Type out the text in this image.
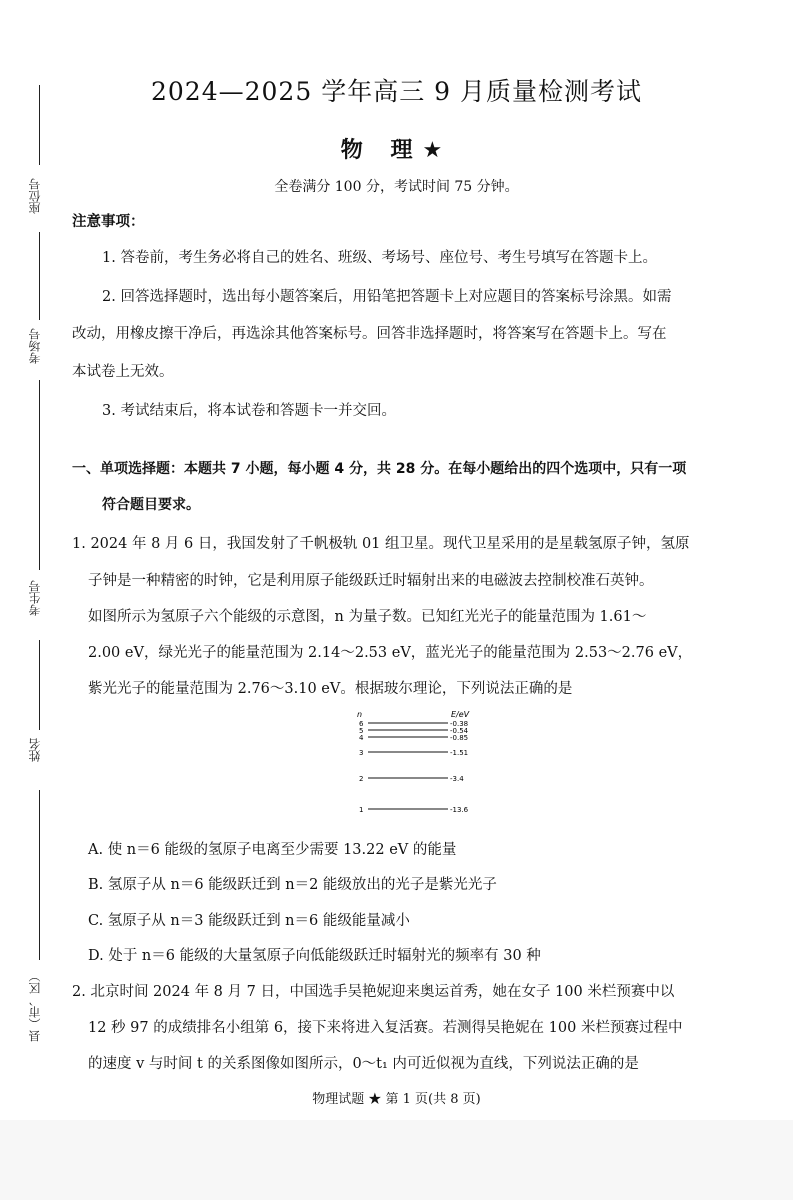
座位号
考场号
考生号
姓名
县（市、区）
2024—2025 学年高三 9 月质量检测考试
物 理★
全卷满分 100 分，考试时间 75 分钟。
注意事项：
1. 答卷前，考生务必将自己的姓名、班级、考场号、座位号、考生号填写在答题卡上。
2. 回答选择题时，选出每小题答案后，用铅笔把答题卡上对应题目的答案标号涂黑。如需
改动，用橡皮擦干净后，再选涂其他答案标号。回答非选择题时，将答案写在答题卡上。写在
本试卷上无效。
3. 考试结束后，将本试卷和答题卡一并交回。
一、单项选择题：本题共 7 小题，每小题 4 分，共 28 分。在每小题给出的四个选项中，只有一项
符合题目要求。
1. 2024 年 8 月 6 日，我国发射了千帆极轨 01 组卫星。现代卫星采用的是星载氢原子钟，氢原
子钟是一种精密的时钟，它是利用原子能级跃迁时辐射出来的电磁波去控制校准石英钟。
如图所示为氢原子六个能级的示意图，n 为量子数。已知红光光子的能量范围为 1.61～
2.00 eV，绿光光子的能量范围为 2.14～2.53 eV，蓝光光子的能量范围为 2.53～2.76 eV，
紫光光子的能量范围为 2.76～3.10 eV。根据玻尔理论，下列说法正确的是
n	E/eV
6	-0.38
5	-0.54
4	-0.85
3	-1.51
2	-3.4
1	-13.6
A. 使 n＝6 能级的氢原子电离至少需要 13.22 eV 的能量
B. 氢原子从 n＝6 能级跃迁到 n＝2 能级放出的光子是紫光光子
C. 氢原子从 n＝3 能级跃迁到 n＝6 能级能量减小
D. 处于 n＝6 能级的大量氢原子向低能级跃迁时辐射光的频率有 30 种
2. 北京时间 2024 年 8 月 7 日，中国选手吴艳妮迎来奥运首秀，她在女子 100 米栏预赛中以
12 秒 97 的成绩排名小组第 6，接下来将进入复活赛。若测得吴艳妮在 100 米栏预赛过程中
的速度 v 与时间 t 的关系图像如图所示，0～t₁ 内可近似视为直线，下列说法正确的是
物理试题 ★ 第 1 页(共 8 页)
